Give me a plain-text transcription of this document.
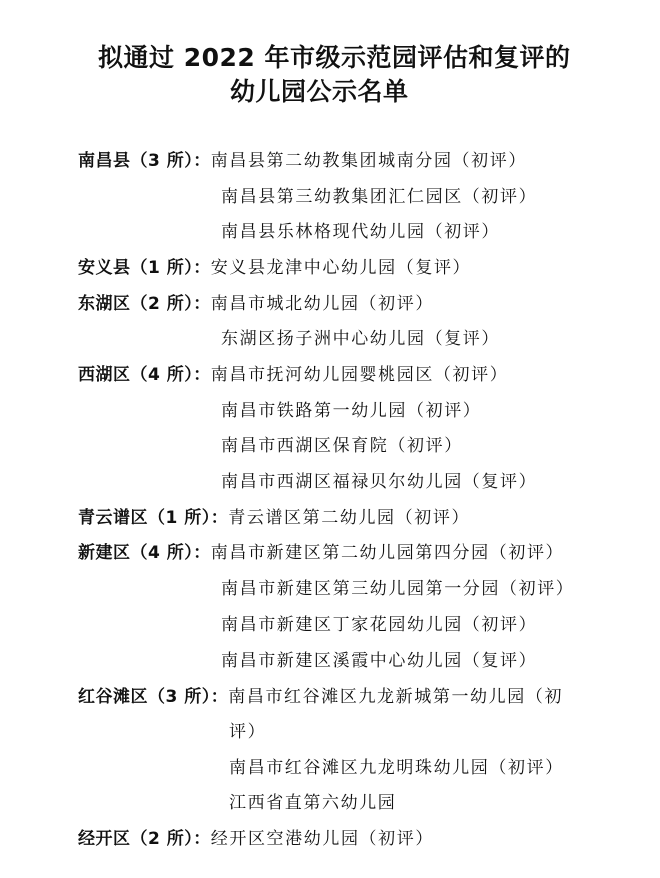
拟通过 2022 年市级示范园评估和复评的
幼儿园公示名单
南昌县（3 所）：南昌县第二幼教集团城南分园（初评）
南昌县第三幼教集团汇仁园区（初评）
南昌县乐林格现代幼儿园（初评）
安义县（1 所）：安义县龙津中心幼儿园（复评）
东湖区（2 所）：南昌市城北幼儿园（初评）
东湖区扬子洲中心幼儿园（复评）
西湖区（4 所）：南昌市抚河幼儿园婴桃园区（初评）
南昌市铁路第一幼儿园（初评）
南昌市西湖区保育院（初评）
南昌市西湖区福禄贝尔幼儿园（复评）
青云谱区（1 所）：青云谱区第二幼儿园（初评）
新建区（4 所）：南昌市新建区第二幼儿园第四分园（初评）
南昌市新建区第三幼儿园第一分园（初评）
南昌市新建区丁家花园幼儿园（初评）
南昌市新建区溪霞中心幼儿园（复评）
红谷滩区（3 所）：南昌市红谷滩区九龙新城第一幼儿园（初
评）
南昌市红谷滩区九龙明珠幼儿园（初评）
江西省直第六幼儿园
经开区（2 所）：经开区空港幼儿园（初评）
